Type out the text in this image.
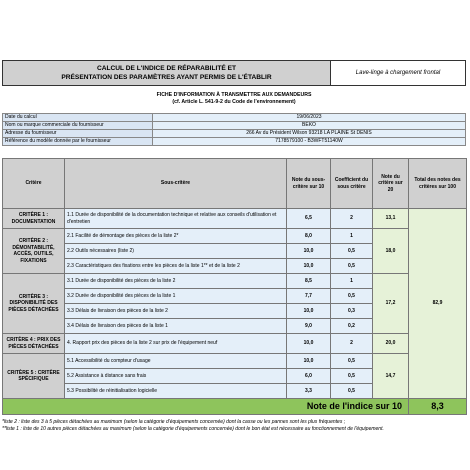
CALCUL DE L'INDICE DE RÉPARABILITÉ ET
PRÉSENTATION DES PARAMÈTRES AYANT PERMIS DE L'ÉTABLIR
Lave-linge à chargement frontal
FICHE D'INFORMATION À TRANSMETTRE AUX DEMANDEURS
(cf. Article L. 541-9-2 du Code de l'environnement)
Date du calcul	19/06/2023
Nom ou marque commerciale du fournisseur	BEKO
Adresse du fournisseur	266 Av du Président Wilson 93218 LA PLAINE St DENIS
Référence du modèle donnée par le fournisseur	7178579100 - B3WFT51140W
Critère	Sous-critère	Note du sous-critère sur 10	Coefficient du sous critère	Note du critère sur 20	Total des notes des critères sur 100
CRITÈRE 1 : DOCUMENTATION	1.1 Durée de disponibilité de la documentation technique et relative aux conseils d'utilisation et d'entretien	6,5	2	13,1	82,9
CRITÈRE 2 : DÉMONTABILITÉ, ACCÈS, OUTILS, FIXATIONS	2.1 Facilité de démontage des pièces de la liste 2*	8,0	1	18,0	
	2.2 Outils nécessaires (liste 2)	10,0	0,5		
	2.3 Caractéristiques des fixations entre les pièces de la liste 1** et de la liste 2	10,0	0,5		
CRITÈRE 3 : DISPONIBILITÉ DES PIÈCES DÉTACHÉES	3.1 Durée de disponibilité des pièces de la liste 2	8,5	1	17,2	
	3.2 Durée de disponibilité des pièces de la liste 1	7,7	0,5		
	3.3 Délais de livraison des pièces de la liste 2	10,0	0,3		
	3.4 Délais de livraison des pièces de la liste 1	9,0	0,2		
CRITÈRE 4 : PRIX DES PIÈCES DÉTACHÉES	4. Rapport prix des pièces de la liste 2 sur prix de l'équipement neuf	10,0	2	20,0	
CRITÈRE 5 : CRITÈRE SPÉCIFIQUE	5.1 Accessibilité du compteur d'usage	10,0	0,5	14,7	
	5.2 Assistance à distance sans frais	6,0	0,5		
	5.3 Possibilité de réinitialisation logicielle	3,3	0,5		
Note de l'indice sur 10					8,3
*liste 2 : liste des 3 à 5 pièces détachées au maximum (selon la catégorie d'équipements concernée) dont la casse ou les pannes sont les plus fréquentes ;
**liste 1 : liste de 10 autres pièces détachées au maximum (selon la catégorie d'équipements concernée) dont le bon état est nécessaire au fonctionnement de l'équipement.
